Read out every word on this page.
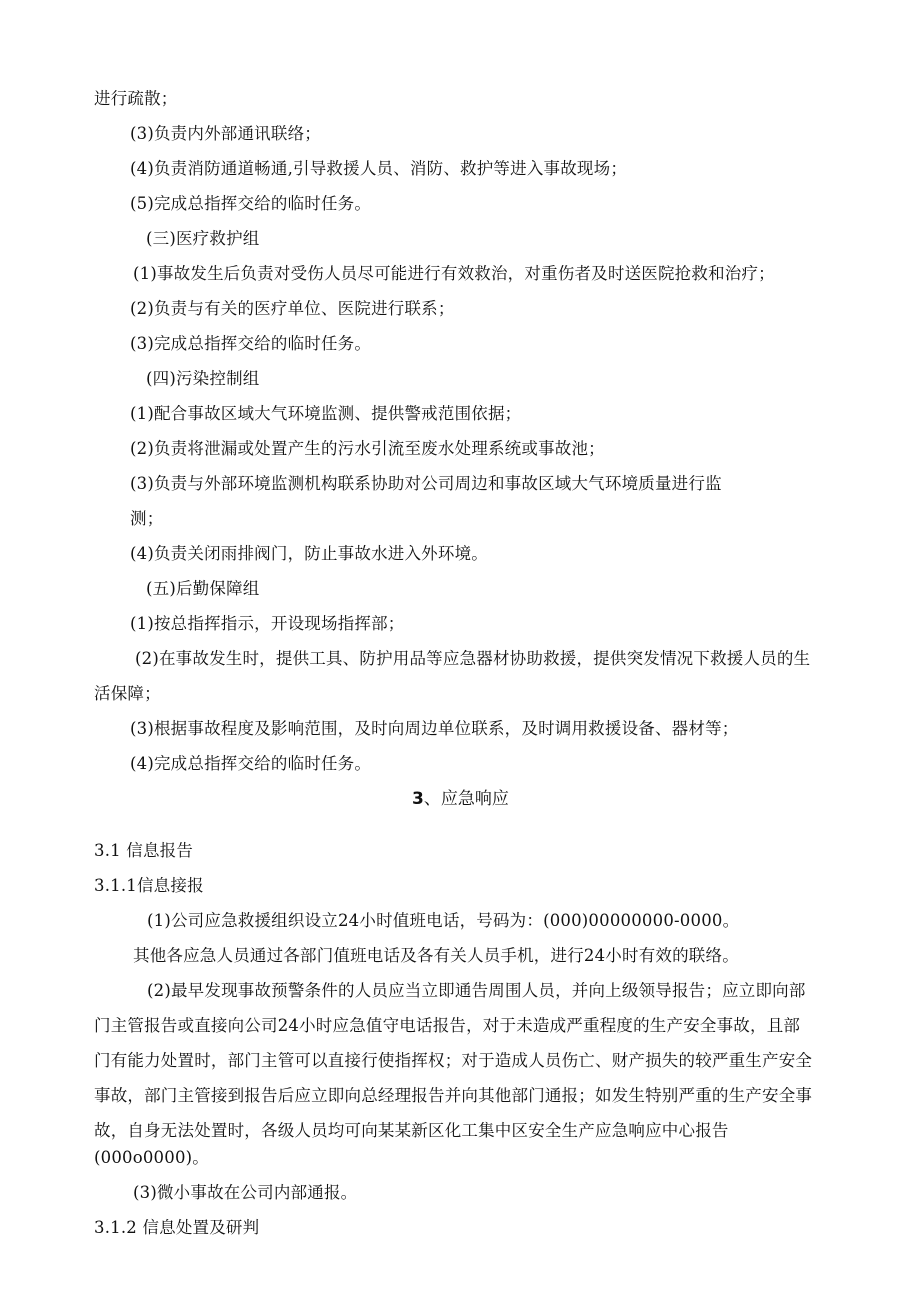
进行疏散；
(3)负责内外部通讯联络；
(4)负责消防通道畅通,引导救援人员、消防、救护等进入事故现场；
(5)完成总指挥交给的临时任务。
(三)医疗救护组
(1)事故发生后负责对受伤人员尽可能进行有效救治，对重伤者及时送医院抢救和治疗；
(2)负责与有关的医疗单位、医院进行联系；
(3)完成总指挥交给的临时任务。
(四)污染控制组
(1)配合事故区域大气环境监测、提供警戒范围依据；
(2)负责将泄漏或处置产生的污水引流至废水处理系统或事故池；
(3)负责与外部环境监测机构联系协助对公司周边和事故区域大气环境质量进行监
测；
(4)负责关闭雨排阀门，防止事故水进入外环境。
(五)后勤保障组
(1)按总指挥指示，开设现场指挥部；
(2)在事故发生时，提供工具、防护用品等应急器材协助救援，提供突发情况下救援人员的生
活保障；
(3)根据事故程度及影响范围，及时向周边单位联系，及时调用救援设备、器材等；
(4)完成总指挥交给的临时任务。
3、应急响应
3.1 信息报告
3.1.1信息接报
(1)公司应急救援组织设立24小时值班电话，号码为：(000)00000000-0000。
其他各应急人员通过各部门值班电话及各有关人员手机，进行24小时有效的联络。
(2)最早发现事故预警条件的人员应当立即通告周围人员，并向上级领导报告；应立即向部
门主管报告或直接向公司24小时应急值守电话报告，对于未造成严重程度的生产安全事故，且部
门有能力处置时，部门主管可以直接行使指挥权；对于造成人员伤亡、财产损失的较严重生产安全
事故，部门主管接到报告后应立即向总经理报告并向其他部门通报；如发生特别严重的生产安全事
故，自身无法处置时，各级人员均可向某某新区化工集中区安全生产应急响应中心报告
(000o0000)。
(3)微小事故在公司内部通报。
3.1.2 信息处置及研判
